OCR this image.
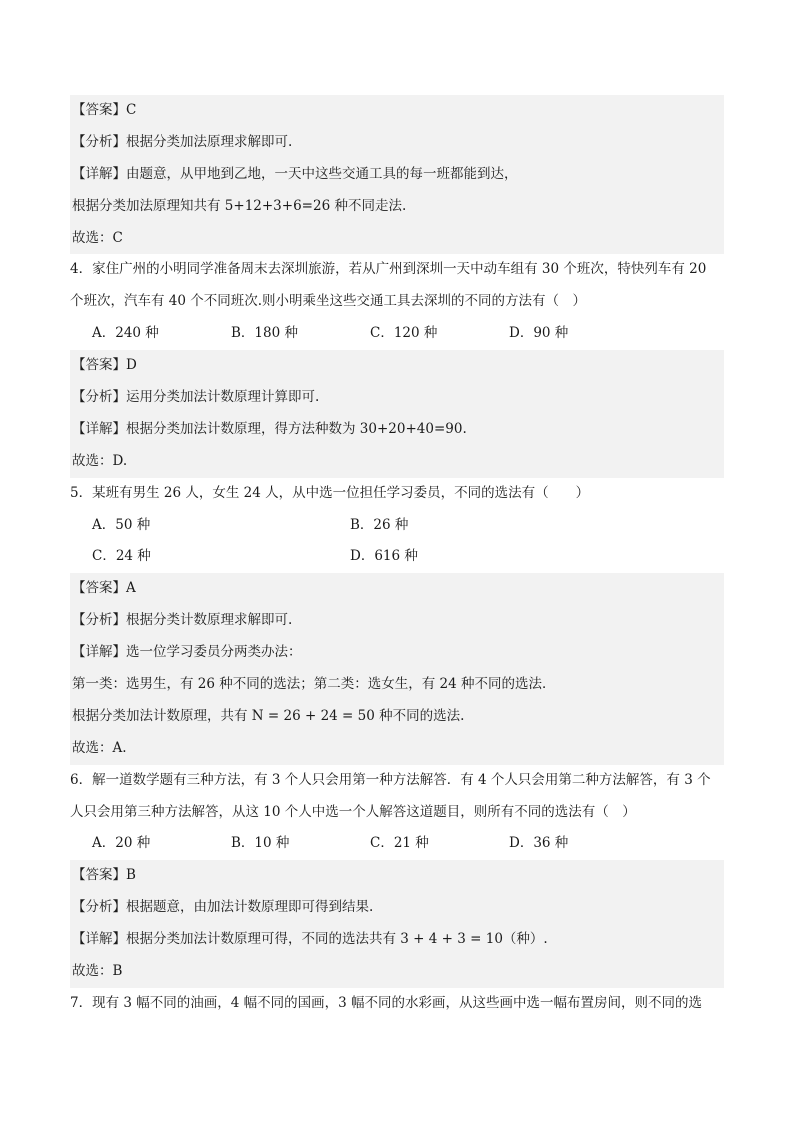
【答案】C
【分析】根据分类加法原理求解即可.
【详解】由题意，从甲地到乙地，一天中这些交通工具的每一班都能到达，
根据分类加法原理知共有 5+12+3+6=26 种不同走法.
故选：C
4．家住广州的小明同学准备周末去深圳旅游，若从广州到深圳一天中动车组有 30 个班次，特快列车有 20
个班次，汽车有 40 个不同班次.则小明乘坐这些交通工具去深圳的不同的方法有（　）
A．240 种	B．180 种	C．120 种	D．90 种
【答案】D
【分析】运用分类加法计数原理计算即可.
【详解】根据分类加法计数原理，得方法种数为 30+20+40=90.
故选：D.
5．某班有男生 26 人，女生 24 人，从中选一位担任学习委员，不同的选法有（　　）
A．50 种	B．26 种
C．24 种	D．616 种
【答案】A
【分析】根据分类计数原理求解即可.
【详解】选一位学习委员分两类办法：
第一类：选男生，有 26 种不同的选法；第二类：选女生，有 24 种不同的选法．
根据分类加法计数原理，共有 N = 26 + 24 = 50 种不同的选法.
故选：A.
6．解一道数学题有三种方法，有 3 个人只会用第一种方法解答．有 4 个人只会用第二种方法解答，有 3 个
人只会用第三种方法解答，从这 10 个人中选一个人解答这道题目，则所有不同的选法有（　）
A．20 种	B．10 种	C．21 种	D．36 种
【答案】B
【分析】根据题意，由加法计数原理即可得到结果.
【详解】根据分类加法计数原理可得，不同的选法共有 3 + 4 + 3 = 10（种）.
故选：B
7．现有 3 幅不同的油画，4 幅不同的国画，3 幅不同的水彩画，从这些画中选一幅布置房间，则不同的选
